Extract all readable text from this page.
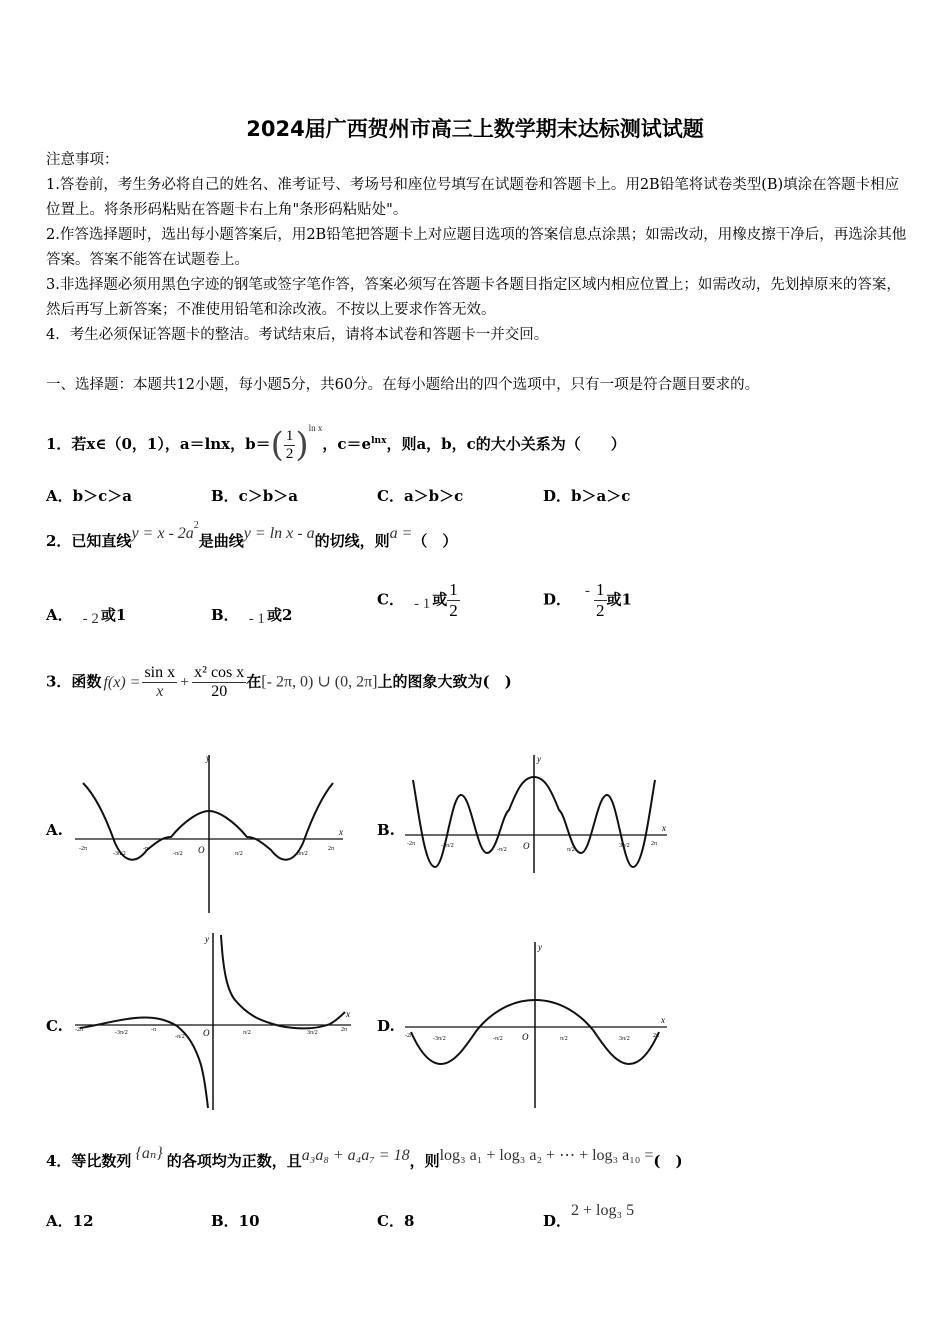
2024届广西贺州市高三上数学期末达标测试试题
注意事项：
1.答卷前，考生务必将自己的姓名、准考证号、考场号和座位号填写在试题卷和答题卡上。用2B铅笔将试卷类型(B)填涂在答题卡相应位置上。将条形码粘贴在答题卡右上角"条形码粘贴处"。
2.作答选择题时，选出每小题答案后，用2B铅笔把答题卡上对应题目选项的答案信息点涂黑；如需改动，用橡皮擦干净后，再选涂其他答案。答案不能答在试题卷上。
3.非选择题必须用黑色字迹的钢笔或签字笔作答，答案必须写在答题卡各题目指定区域内相应位置上；如需改动，先划掉原来的答案，然后再写上新答案；不准使用铅笔和涂改液。不按以上要求作答无效。
4．考生必须保证答题卡的整洁。考试结束后，请将本试卷和答题卡一并交回。
一、选择题：本题共12小题，每小题5分，共60分。在每小题给出的四个选项中，只有一项是符合题目要求的。
1．若x∈（0，1），a＝lnx，$b=( \frac{1}{2} )^{ln x}$，$c=e^{lnx}$，则a，b，c的大小关系为（　　）
A．b＞c＞a	B．c＞b＞a	C．a＞b＞c	D．b＞a＞c
2．已知直线$y = x - 2a^2$是曲线y = ln x - a的切线，则a =（　）
A． - 2 或1	B． - 1 或2
C． - 1 或 $\frac{1}{2}$	D． - $\frac{1}{2}$ 或1
3．函数 $f(x) = \frac{\text{sin x}}{x} + \frac{\text{x² cos x}}{20}$ 在[- 2π, 0) ∪ (0, 2π]上的图象大致为(　)
A.	B.
C.	D.
y
x
O
-2π	-π
-3π/2	-π/2	π/2	3π/2
2π
y
x
O
-2π	-3π/2
-π/2	π/2
3π/2	2π
y
x
O
-2π	-3π/2	-π
-π/2
π/2	3π/2	2π
y
x
O
-2π	-3π/2	-π/2	π/2	3π/2	2π
4．等比数列 {aₙ} 的各项均为正数，且a₃a₈ + a₄a₇ = 18，则log₃ a₁ + log₃ a₂ + ⋯ + log₃ a₁₀ =(　)
A．12	B．10	C．8	D．2 + log₃ 5
